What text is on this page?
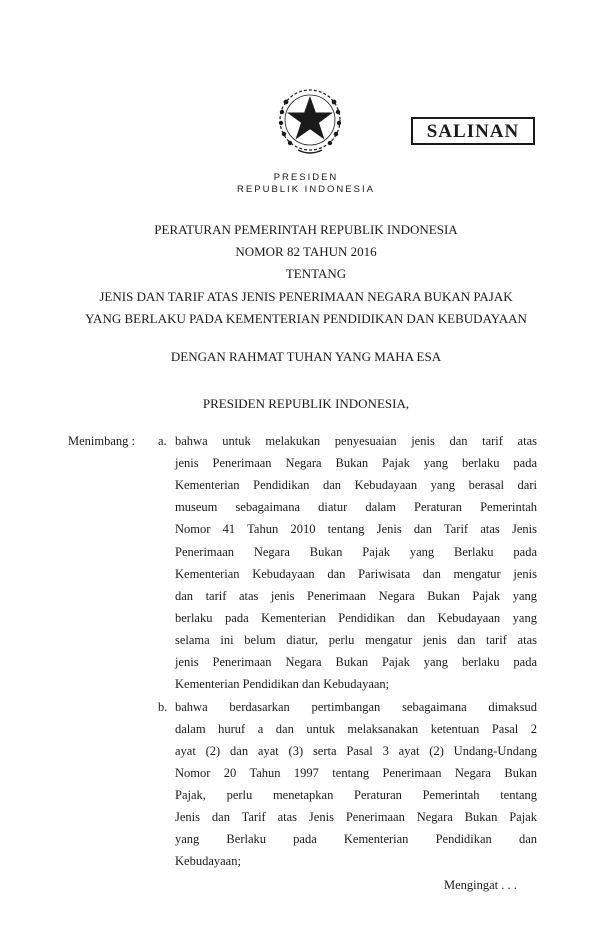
SALINAN
PRESIDEN
REPUBLIK INDONESIA
PERATURAN PEMERINTAH REPUBLIK INDONESIA
NOMOR 82 TAHUN 2016
TENTANG
JENIS DAN TARIF ATAS JENIS PENERIMAAN NEGARA BUKAN PAJAK
YANG BERLAKU PADA KEMENTERIAN PENDIDIKAN DAN KEBUDAYAAN
DENGAN RAHMAT TUHAN YANG MAHA ESA
PRESIDEN REPUBLIK INDONESIA,
Menimbang : a. bahwa untuk melakukan penyesuaian jenis dan tarif atas
jenis Penerimaan Negara Bukan Pajak yang berlaku pada
Kementerian Pendidikan dan Kebudayaan yang berasal dari
museum sebagaimana diatur dalam Peraturan Pemerintah
Nomor 41 Tahun 2010 tentang Jenis dan Tarif atas Jenis
Penerimaan Negara Bukan Pajak yang Berlaku pada
Kementerian Kebudayaan dan Pariwisata dan mengatur jenis
dan tarif atas jenis Penerimaan Negara Bukan Pajak yang
berlaku pada Kementerian Pendidikan dan Kebudayaan yang
selama ini belum diatur, perlu mengatur jenis dan tarif atas
jenis Penerimaan Negara Bukan Pajak yang berlaku pada
Kementerian Pendidikan dan Kebudayaan;
b. bahwa berdasarkan pertimbangan sebagaimana dimaksud
dalam huruf a dan untuk melaksanakan ketentuan Pasal 2
ayat (2) dan ayat (3) serta Pasal 3 ayat (2) Undang-Undang
Nomor 20 Tahun 1997 tentang Penerimaan Negara Bukan
Pajak, perlu menetapkan Peraturan Pemerintah tentang
Jenis dan Tarif atas Jenis Penerimaan Negara Bukan Pajak
yang Berlaku pada Kementerian Pendidikan dan
Kebudayaan;
Mengingat . . .
